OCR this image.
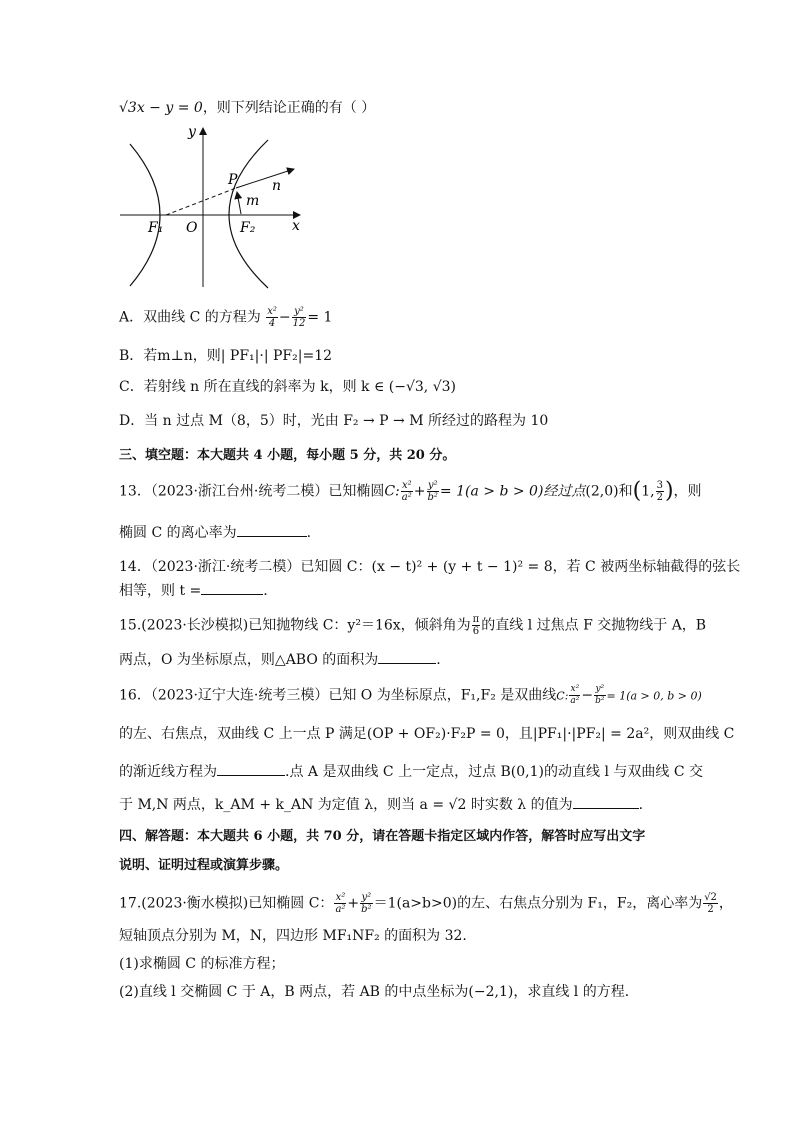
√3x − y = 0，则下列结论正确的有（ ）
y
x
P n
m
F₁ O	F₂
A．双曲线 C 的方程为 $\frac{\text{x²}}{4} - \frac{\text{y²}}{12} = 1$
B．若m⊥n，则| PF₁|·| PF₂|=12
C．若射线 n 所在直线的斜率为 k，则 k ∈ (−√3, √3)
D．当 n 过点 M（8，5）时，光由 F₂ → P → M 所经过的路程为 10
三、填空题：本大题共 4 小题，每小题 5 分，共 20 分。
13．（2023·浙江台州·统考二模）已知椭圆C: $\frac{\text{x²}}{\text{a²}} + \frac{\text{y²}}{\text{b²}} = 1(a > b > 0)$经过点(2,0)和(1, $\frac{3}{2}$ )，则
椭圆 C 的离心率为	.
14．（2023·浙江·统考二模）已知圆 C：(x − t)² + (y + t − 1)² = 8，若 C 被两坐标轴截得的弦长
相等，则 t =	.
15.(2023·长沙模拟)已知抛物线 C：y²＝16x，倾斜角为 $\frac{\pi}{6}$ 的直线 l 过焦点 F 交抛物线于 A，B
两点，O 为坐标原点，则△ABO 的面积为	.
16．（2023·辽宁大连·统考三模）已知 O 为坐标原点，F₁,F₂ 是双曲线C: $\frac{\text{x²}}{\text{a²}} - \frac{\text{y²}}{\text{b²}} = 1(a > 0$, b > 0)
的左、右焦点，双曲线 C 上一点 P 满足(OP + OF₂)·F₂P = 0，且|PF₁|·|PF₂| = 2a²，则双曲线 C
的渐近线方程为	.点 A 是双曲线 C 上一定点，过点 B(0,1)的动直线 l 与双曲线 C 交
于 M,N 两点，k_AM + k_AN 为定值 λ，则当 a = √2 时实数 λ 的值为	.
四、解答题：本大题共 6 小题，共 70 分，请在答题卡指定区域内作答，解答时应写出文字
说明、证明过程或演算步骤。
17.(2023·衡水模拟)已知椭圆 C： $\frac{\text{x²}}{\text{a²}} + \frac{\text{y²}}{\text{b²}} =1(a>b>0)$的左、右焦点分别为 F₁，F₂，离心率为 $\frac{√2}{2}$ ，
短轴顶点分别为 M，N，四边形 MF₁NF₂ 的面积为 32.
(1)求椭圆 C 的标准方程；
(2)直线 l 交椭圆 C 于 A，B 两点，若 AB 的中点坐标为(−2,1)，求直线 l 的方程．
